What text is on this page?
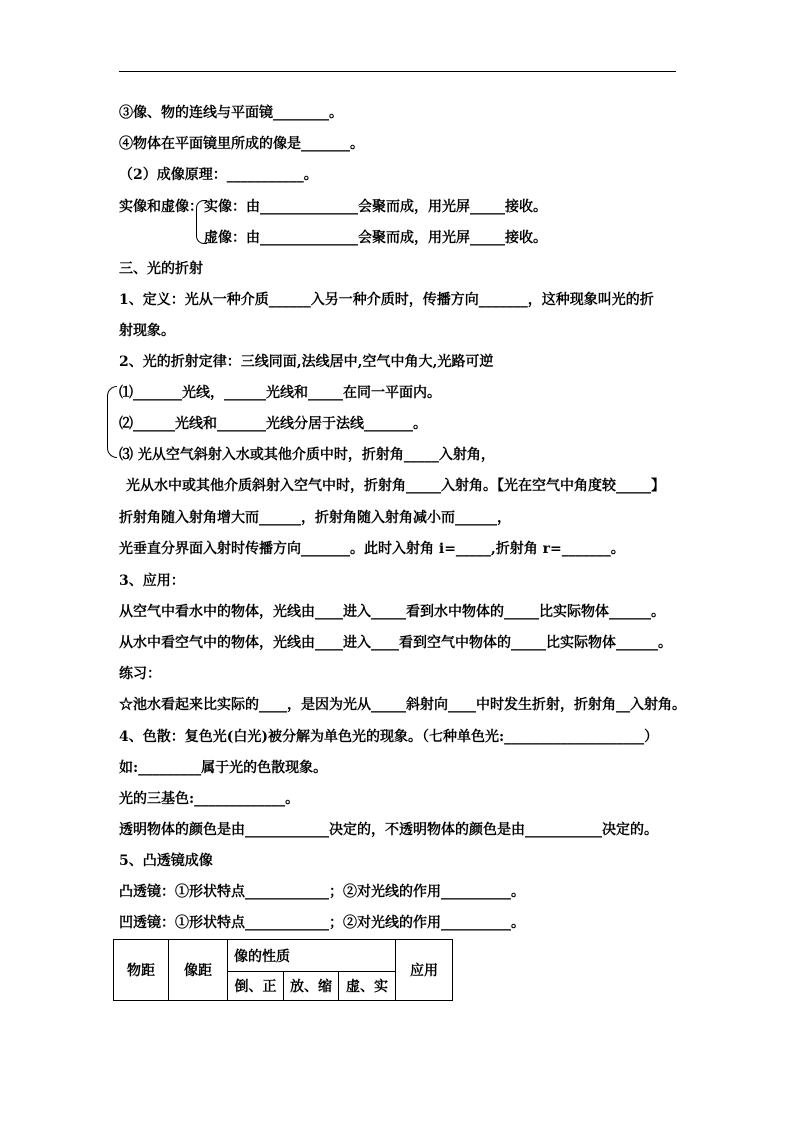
③像、物的连线与平面镜________。
④物体在平面镜里所成的像是_______。
（2）成像原理：___________。
实像和虚像： 实像：由______________会聚而成，用光屏_____接收。
虚像：由______________会聚而成，用光屏_____接收。
三、光的折射
1、定义：光从一种介质______入另一种介质时，传播方向_______，这种现象叫光的折
射现象。
2、光的折射定律：三线同面,法线居中,空气中角大,光路可逆
⑴_______光线，______光线和_____在同一平面内。
⑵______光线和_______光线分居于法线_______。
⑶ 光从空气斜射入水或其他介质中时，折射角_____入射角，
光从水中或其他介质斜射入空气中时，折射角_____入射角。【光在空气中角度较_____】
折射角随入射角增大而______，折射角随入射角减小而______，
光垂直分界面入射时传播方向_______。此时入射角 i=_____,折射角 r=_______。
3、应用：
从空气中看水中的物体，光线由____进入_____看到水中物体的_____比实际物体______。
从水中看空气中的物体，光线由____进入____看到空气中物体的_____比实际物体______。
练习：
☆池水看起来比实际的____，是因为光从_____斜射向____中时发生折射，折射角__入射角。
4、色散：复色光(白光)被分解为单色光的现象。（七种单色光:____________________）
如:_________属于光的色散现象。
光的三基色:_____________。
透明物体的颜色是由____________决定的，不透明物体的颜色是由___________决定的。
5、凸透镜成像
凸透镜：①形状特点____________；②对光线的作用__________。
凹透镜：①形状特点____________；②对光线的作用__________。
物距	像距	像的性质			应用
		倒、正	放、缩	虚、实	
